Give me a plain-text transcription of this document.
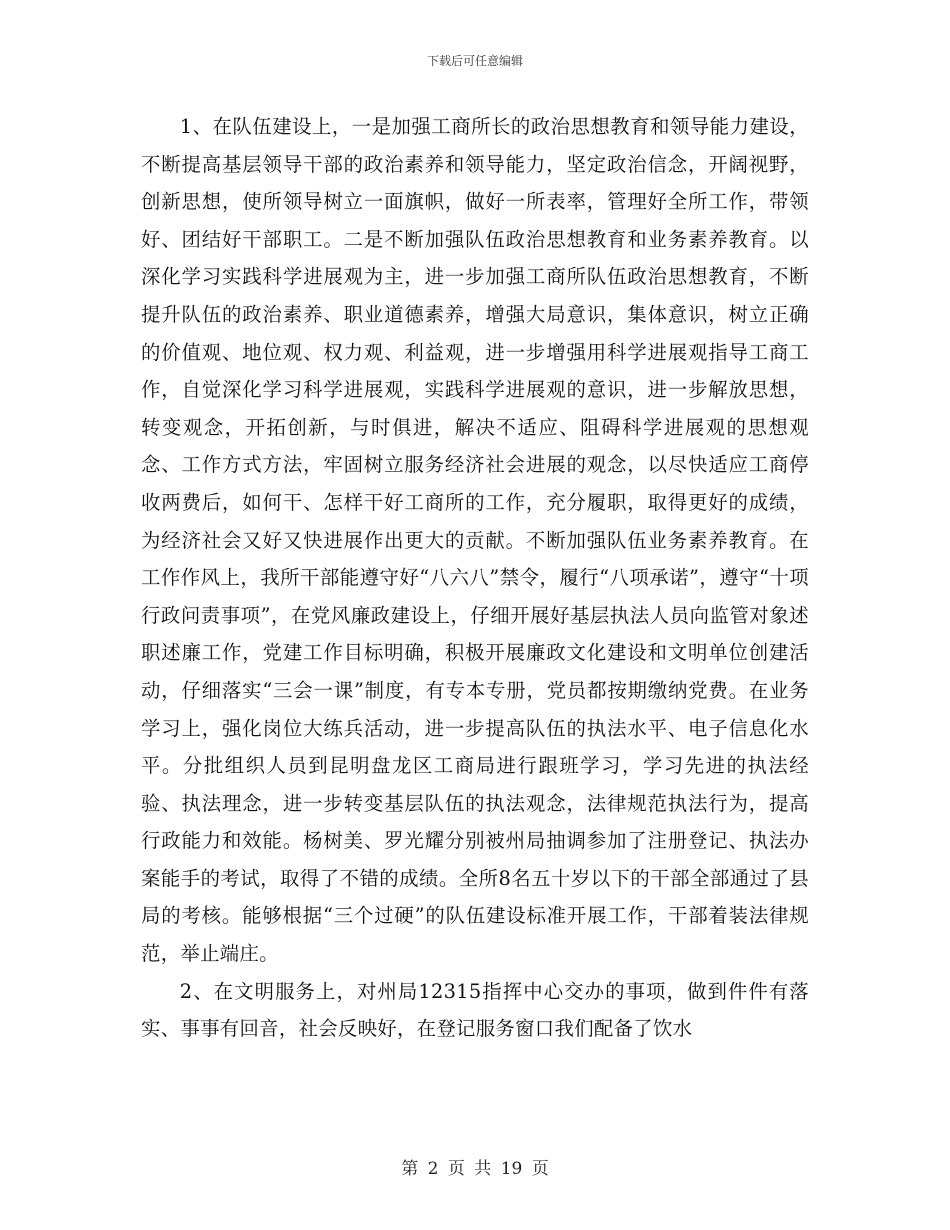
下载后可任意编辑

1、在队伍建设上，一是加强工商所长的政治思想教育和领导能力建设，不断提高基层领导干部的政治素养和领导能力，坚定政治信念，开阔视野，创新思想，使所领导树立一面旗帜，做好一所表率，管理好全所工作，带领好、团结好干部职工。二是不断加强队伍政治思想教育和业务素养教育。以深化学习实践科学进展观为主，进一步加强工商所队伍政治思想教育，不断提升队伍的政治素养、职业道德素养，增强大局意识，集体意识，树立正确的价值观、地位观、权力观、利益观，进一步增强用科学进展观指导工商工作，自觉深化学习科学进展观，实践科学进展观的意识，进一步解放思想，转变观念，开拓创新，与时俱进，解决不适应、阻碍科学进展观的思想观念、工作方式方法，牢固树立服务经济社会进展的观念，以尽快适应工商停收两费后，如何干、怎样干好工商所的工作，充分履职，取得更好的成绩，为经济社会又好又快进展作出更大的贡献。不断加强队伍业务素养教育。在工作作风上，我所干部能遵守好“八六八”禁令，履行“八项承诺”，遵守“十项行政问责事项”，在党风廉政建设上，仔细开展好基层执法人员向监管对象述职述廉工作，党建工作目标明确，积极开展廉政文化建设和文明单位创建活动，仔细落实“三会一课”制度，有专本专册，党员都按期缴纳党费。在业务学习上，强化岗位大练兵活动，进一步提高队伍的执法水平、电子信息化水平。分批组织人员到昆明盘龙区工商局进行跟班学习，学习先进的执法经验、执法理念，进一步转变基层队伍的执法观念，法律规范执法行为，提高行政能力和效能。杨树美、罗光耀分别被州局抽调参加了注册登记、执法办案能手的考试，取得了不错的成绩。全所8名五十岁以下的干部全部通过了县局的考核。能够根据“三个过硬”的队伍建设标准开展工作，干部着装法律规范，举止端庄。

2、在文明服务上，对州局12315指挥中心交办的事项，做到件件有落实、事事有回音，社会反映好，在登记服务窗口我们配备了饮水

第 2 页 共 19 页
